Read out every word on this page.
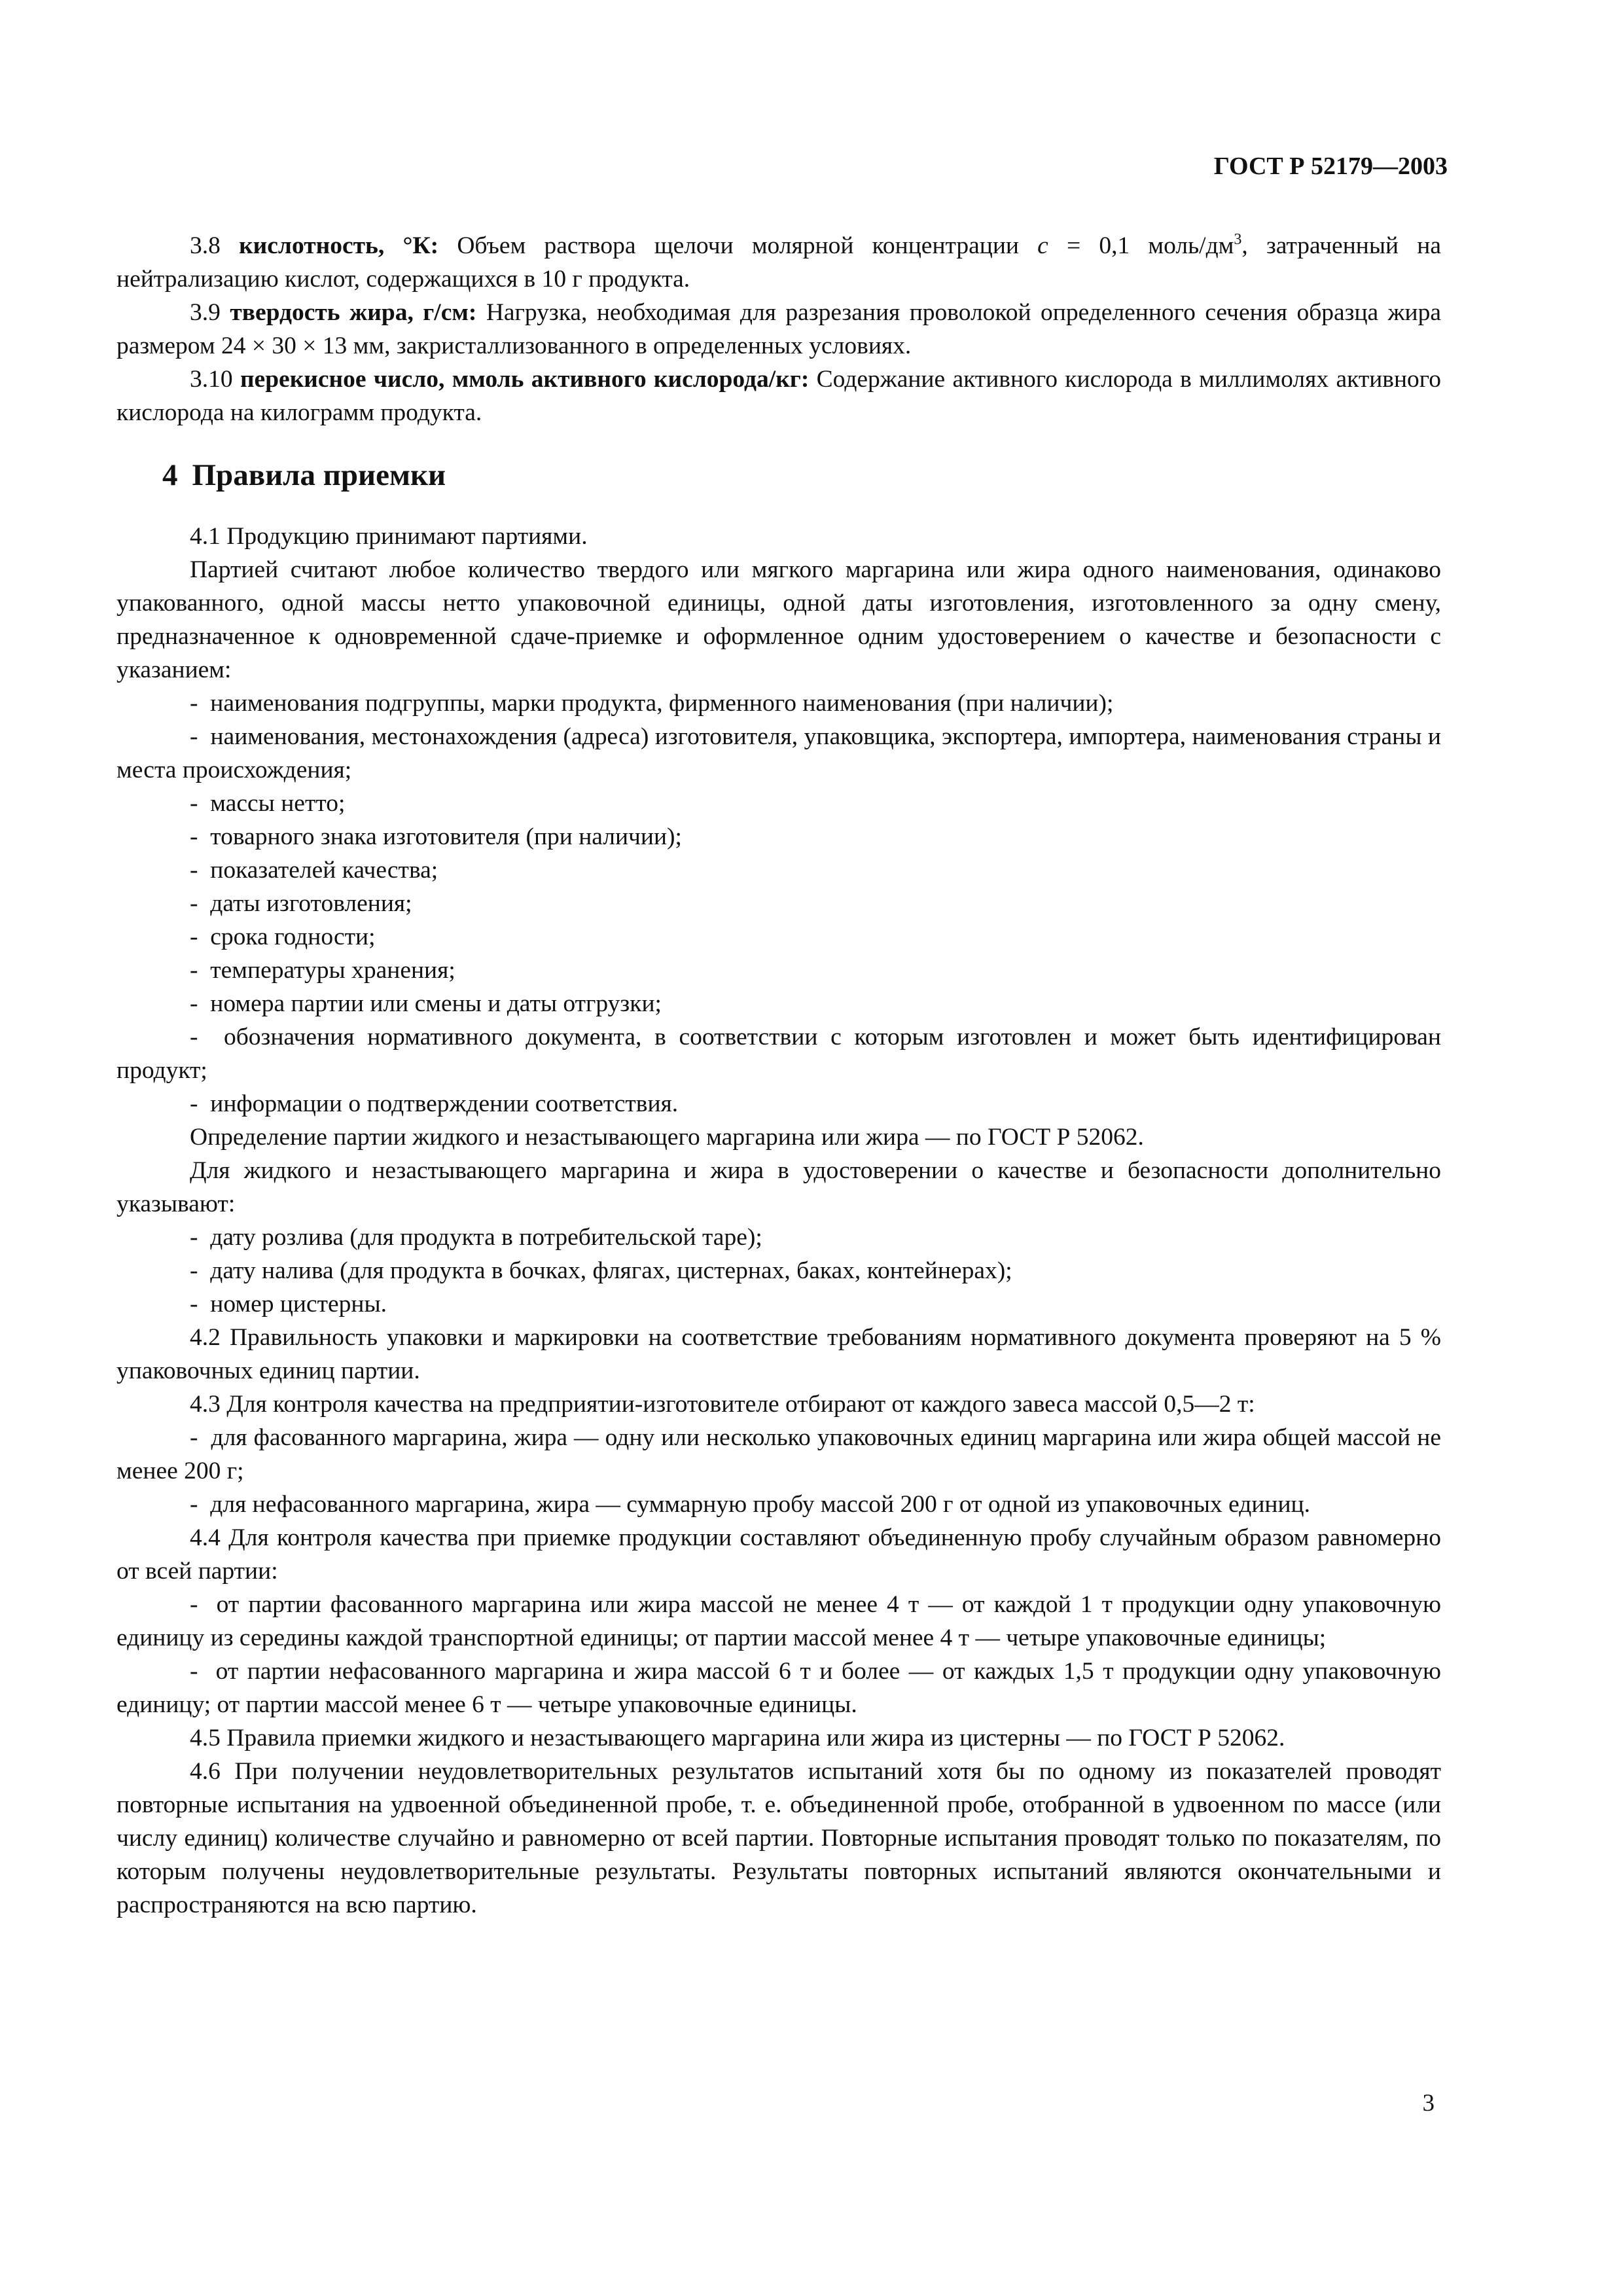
ГОСТ Р 52179—2003

3.8 кислотность, °К: Объем раствора щелочи молярной концентрации с = 0,1 моль/$дм^3$, затраченный на нейтрализацию кислот, содержащихся в 10 г продукта.

3.9 твердость жира, г/см: Нагрузка, необходимая для разрезания проволокой определенного сечения образца жира размером 24 × 30 × 13 мм, закристаллизованного в определенных условиях.

3.10 перекисное число, ммоль активного кислорода/кг: Содержание активного кислорода в миллимолях активного кислорода на килограмм продукта.

4 Правила приемки

4.1 Продукцию принимают партиями.

Партией считают любое количество твердого или мягкого маргарина или жира одного наименования, одинаково упакованного, одной массы нетто упаковочной единицы, одной даты изготовления, изготовленного за одну смену, предназначенное к одновременной сдаче-приемке и оформленное одним удостоверением о качестве и безопасности с указанием:

-  наименования подгруппы, марки продукта, фирменного наименования (при наличии);

-  наименования, местонахождения (адреса) изготовителя, упаковщика, экспортера, импортера, наименования страны и места происхождения;

-  массы нетто;

-  товарного знака изготовителя (при наличии);

-  показателей качества;

-  даты изготовления;

-  срока годности;

-  температуры хранения;

-  номера партии или смены и даты отгрузки;

-  обозначения нормативного документа, в соответствии с которым изготовлен и может быть идентифицирован продукт;

-  информации о подтверждении соответствия.

Определение партии жидкого и незастывающего маргарина или жира — по ГОСТ Р 52062.

Для жидкого и незастывающего маргарина и жира в удостоверении о качестве и безопасности дополнительно указывают:

-  дату розлива (для продукта в потребительской таре);

-  дату налива (для продукта в бочках, флягах, цистернах, баках, контейнерах);

-  номер цистерны.

4.2 Правильность упаковки и маркировки на соответствие требованиям нормативного документа проверяют на 5 % упаковочных единиц партии.

4.3 Для контроля качества на предприятии-изготовителе отбирают от каждого завеса массой 0,5—2 т:

-  для фасованного маргарина, жира — одну или несколько упаковочных единиц маргарина или жира общей массой не менее 200 г;

-  для нефасованного маргарина, жира — суммарную пробу массой 200 г от одной из упаковочных единиц.

4.4 Для контроля качества при приемке продукции составляют объединенную пробу случайным образом равномерно от всей партии:

-  от партии фасованного маргарина или жира массой не менее 4 т — от каждой 1 т продукции одну упаковочную единицу из середины каждой транспортной единицы; от партии массой менее 4 т — четыре упаковочные единицы;

-  от партии нефасованного маргарина и жира массой 6 т и более — от каждых 1,5 т продукции одну упаковочную единицу; от партии массой менее 6 т — четыре упаковочные единицы.

4.5 Правила приемки жидкого и незастывающего маргарина или жира из цистерны — по ГОСТ Р 52062.

4.6 При получении неудовлетворительных результатов испытаний хотя бы по одному из показателей проводят повторные испытания на удвоенной объединенной пробе, т. е. объединенной пробе, отобранной в удвоенном по массе (или числу единиц) количестве случайно и равномерно от всей партии. Повторные испытания проводят только по показателям, по которым получены неудовлетворительные результаты. Результаты повторных испытаний являются окончательными и распространяются на всю партию.

3
